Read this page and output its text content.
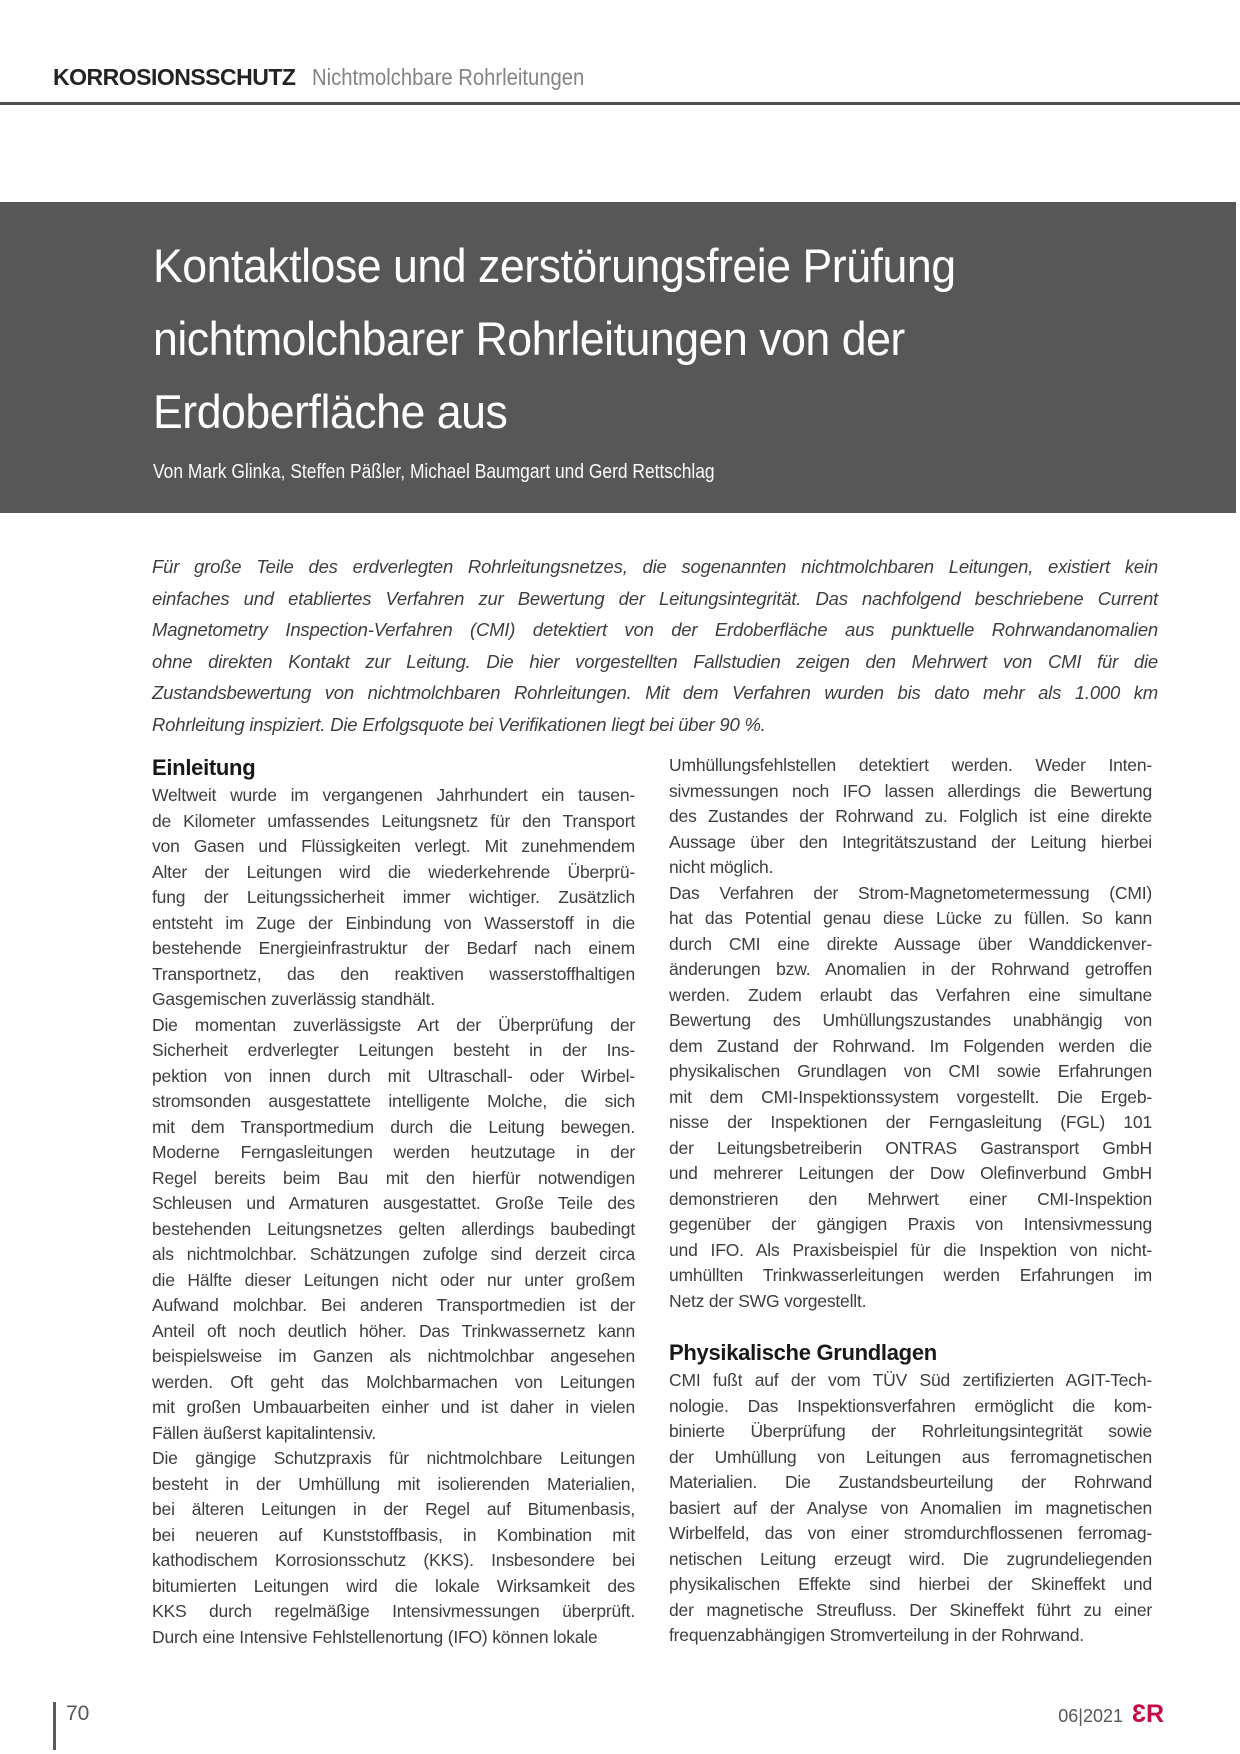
KORROSIONSSCHUTZ Nichtmolchbare Rohrleitungen
Kontaktlose und zerstörungsfreie Prüfung
nichtmolchbarer Rohrleitungen von der
Erdoberfläche aus
Von Mark Glinka, Steffen Päßler, Michael Baumgart und Gerd Rettschlag
Für große Teile des erdverlegten Rohrleitungsnetzes, die sogenannten nichtmolchbaren Leitungen, existiert kein
einfaches und etabliertes Verfahren zur Bewertung der Leitungsintegrität. Das nachfolgend beschriebene Current
Magnetometry Inspection-Verfahren (CMI) detektiert von der Erdoberfläche aus punktuelle Rohrwandanomalien
ohne direkten Kontakt zur Leitung. Die hier vorgestellten Fallstudien zeigen den Mehrwert von CMI für die
Zustandsbewertung von nichtmolchbaren Rohrleitungen. Mit dem Verfahren wurden bis dato mehr als 1.000 km
Rohrleitung inspiziert. Die Erfolgsquote bei Verifikationen liegt bei über 90 %.
Einleitung
Weltweit wurde im vergangenen Jahrhundert ein tausen-
de Kilometer umfassendes Leitungsnetz für den Transport
von Gasen und Flüssigkeiten verlegt. Mit zunehmendem
Alter der Leitungen wird die wiederkehrende Überprü-
fung der Leitungssicherheit immer wichtiger. Zusätzlich
entsteht im Zuge der Einbindung von Wasserstoff in die
bestehende Energieinfrastruktur der Bedarf nach einem
Transportnetz, das den reaktiven wasserstoffhaltigen
Gasgemischen zuverlässig standhält.
Die momentan zuverlässigste Art der Überprüfung der
Sicherheit erdverlegter Leitungen besteht in der Ins-
pektion von innen durch mit Ultraschall- oder Wirbel-
stromsonden ausgestattete intelligente Molche, die sich
mit dem Transportmedium durch die Leitung bewegen.
Moderne Ferngasleitungen werden heutzutage in der
Regel bereits beim Bau mit den hierfür notwendigen
Schleusen und Armaturen ausgestattet. Große Teile des
bestehenden Leitungsnetzes gelten allerdings baubedingt
als nichtmolchbar. Schätzungen zufolge sind derzeit circa
die Hälfte dieser Leitungen nicht oder nur unter großem
Aufwand molchbar. Bei anderen Transportmedien ist der
Anteil oft noch deutlich höher. Das Trinkwassernetz kann
beispielsweise im Ganzen als nichtmolchbar angesehen
werden. Oft geht das Molchbarmachen von Leitungen
mit großen Umbauarbeiten einher und ist daher in vielen
Fällen äußerst kapitalintensiv.
Die gängige Schutzpraxis für nichtmolchbare Leitungen
besteht in der Umhüllung mit isolierenden Materialien,
bei älteren Leitungen in der Regel auf Bitumenbasis,
bei neueren auf Kunststoffbasis, in Kombination mit
kathodischem Korrosionsschutz (KKS). Insbesondere bei
bitumierten Leitungen wird die lokale Wirksamkeit des
KKS durch regelmäßige Intensivmessungen überprüft.
Durch eine Intensive Fehlstellenortung (IFO) können lokale
Umhüllungsfehlstellen detektiert werden. Weder Inten-
sivmessungen noch IFO lassen allerdings die Bewertung
des Zustandes der Rohrwand zu. Folglich ist eine direkte
Aussage über den Integritätszustand der Leitung hierbei
nicht möglich.
Das Verfahren der Strom-Magnetometermessung (CMI)
hat das Potential genau diese Lücke zu füllen. So kann
durch CMI eine direkte Aussage über Wanddickenver-
änderungen bzw. Anomalien in der Rohrwand getroffen
werden. Zudem erlaubt das Verfahren eine simultane
Bewertung des Umhüllungszustandes unabhängig von
dem Zustand der Rohrwand. Im Folgenden werden die
physikalischen Grundlagen von CMI sowie Erfahrungen
mit dem CMI-Inspektionssystem vorgestellt. Die Ergeb-
nisse der Inspektionen der Ferngasleitung (FGL) 101
der Leitungsbetreiberin ONTRAS Gastransport GmbH
und mehrerer Leitungen der Dow Olefinverbund GmbH
demonstrieren den Mehrwert einer CMI-Inspektion
gegenüber der gängigen Praxis von Intensivmessung
und IFO. Als Praxisbeispiel für die Inspektion von nicht-
umhüllten Trinkwasserleitungen werden Erfahrungen im
Netz der SWG vorgestellt.
Physikalische Grundlagen
CMI fußt auf der vom TÜV Süd zertifizierten AGIT-Tech-
nologie. Das Inspektionsverfahren ermöglicht die kom-
binierte Überprüfung der Rohrleitungsintegrität sowie
der Umhüllung von Leitungen aus ferromagnetischen
Materialien. Die Zustandsbeurteilung der Rohrwand
basiert auf der Analyse von Anomalien im magnetischen
Wirbelfeld, das von einer stromdurchflossenen ferromag-
netischen Leitung erzeugt wird. Die zugrundeliegenden
physikalischen Effekte sind hierbei der Skineffekt und
der magnetische Streufluss. Der Skineffekt führt zu einer
frequenzabhängigen Stromverteilung in der Rohrwand.
70	06|2021 3R
